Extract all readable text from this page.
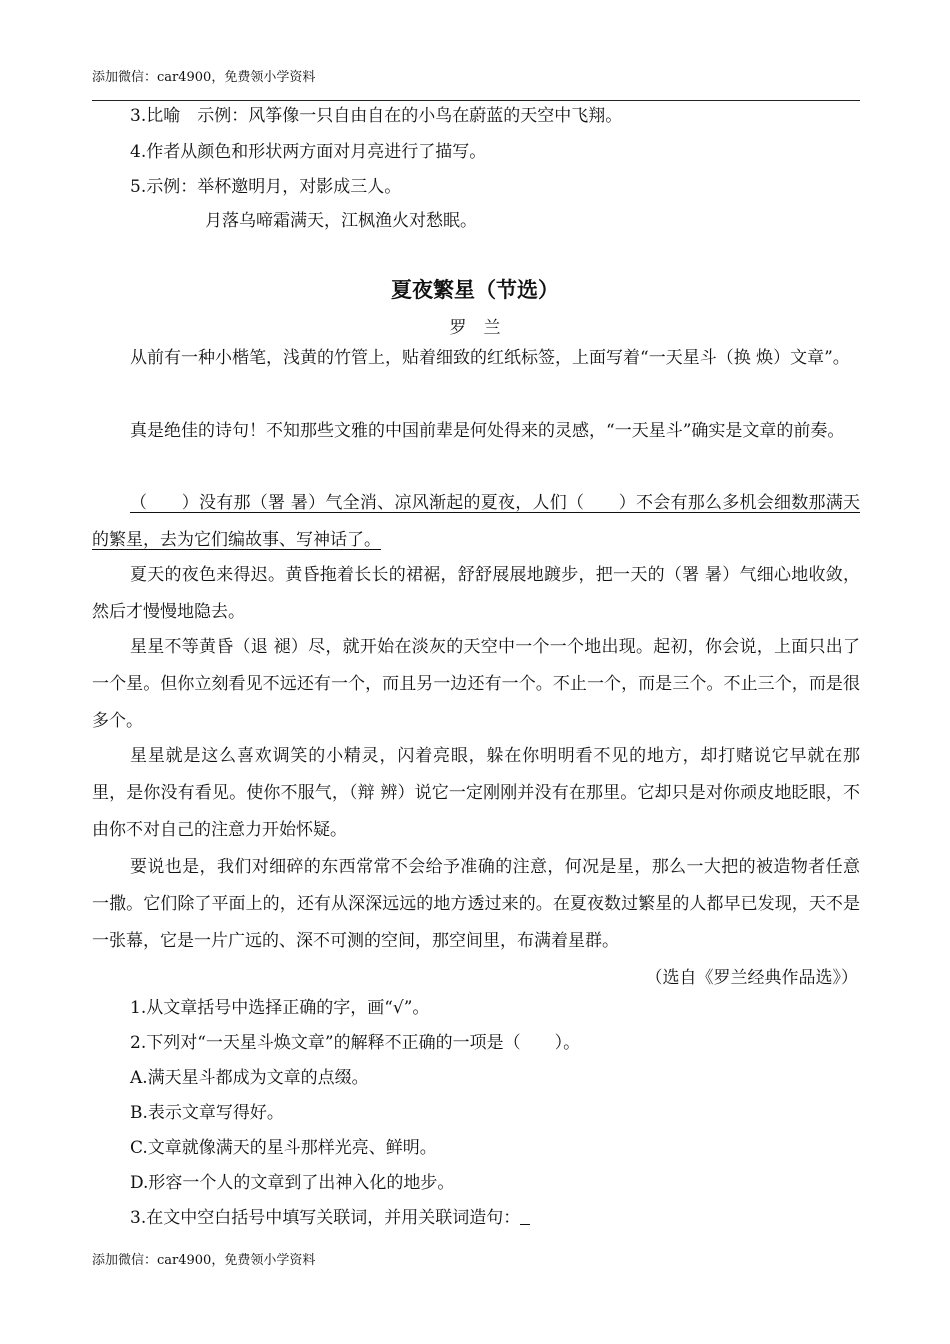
添加微信：car4900，免费领小学资料
3.比喻　示例：风筝像一只自由自在的小鸟在蔚蓝的天空中飞翔。
4.作者从颜色和形状两方面对月亮进行了描写。
5.示例：举杯邀明月，对影成三人。
月落乌啼霜满天，江枫渔火对愁眠。
夏夜繁星（节选）
罗　兰

从前有一种小楷笔，浅黄的竹管上，贴着细致的红纸标签，上面写着“一天星斗（换 焕）文章”。

真是绝佳的诗句！不知那些文雅的中国前辈是何处得来的灵感，“一天星斗”确实是文章的前奏。

（　　）没有那（署 暑）气全消、凉风渐起的夏夜，人们（　　）不会有那么多机会细数那满天的繁星，去为它们编故事、写神话了。

夏天的夜色来得迟。黄昏拖着长长的裙裾，舒舒展展地踱步，把一天的（署 暑）气细心地收敛，然后才慢慢地隐去。

星星不等黄昏（退 褪）尽，就开始在淡灰的天空中一个一个地出现。起初，你会说，上面只出了一个星。但你立刻看见不远还有一个，而且另一边还有一个。不止一个，而是三个。不止三个，而是很多个。

星星就是这么喜欢调笑的小精灵，闪着亮眼，躲在你明明看不见的地方，却打赌说它早就在那里，是你没有看见。使你不服气，（辩 辨）说它一定刚刚并没有在那里。它却只是对你顽皮地眨眼，不由你不对自己的注意力开始怀疑。

要说也是，我们对细碎的东西常常不会给予准确的注意，何况是星，那么一大把的被造物者任意一撒。它们除了平面上的，还有从深深远远的地方透过来的。在夏夜数过繁星的人都早已发现，天不是一张幕，它是一片广远的、深不可测的空间，那空间里，布满着星群。

（选自《罗兰经典作品选》）
1.从文章括号中选择正确的字，画“√”。
2.下列对“一天星斗焕文章”的解释不正确的一项是（　　）。
A.满天星斗都成为文章的点缀。
B.表示文章写得好。
C.文章就像满天的星斗那样光亮、鲜明。
D.形容一个人的文章到了出神入化的地步。
3.在文中空白括号中填写关联词，并用关联词造句：
添加微信：car4900，免费领小学资料
